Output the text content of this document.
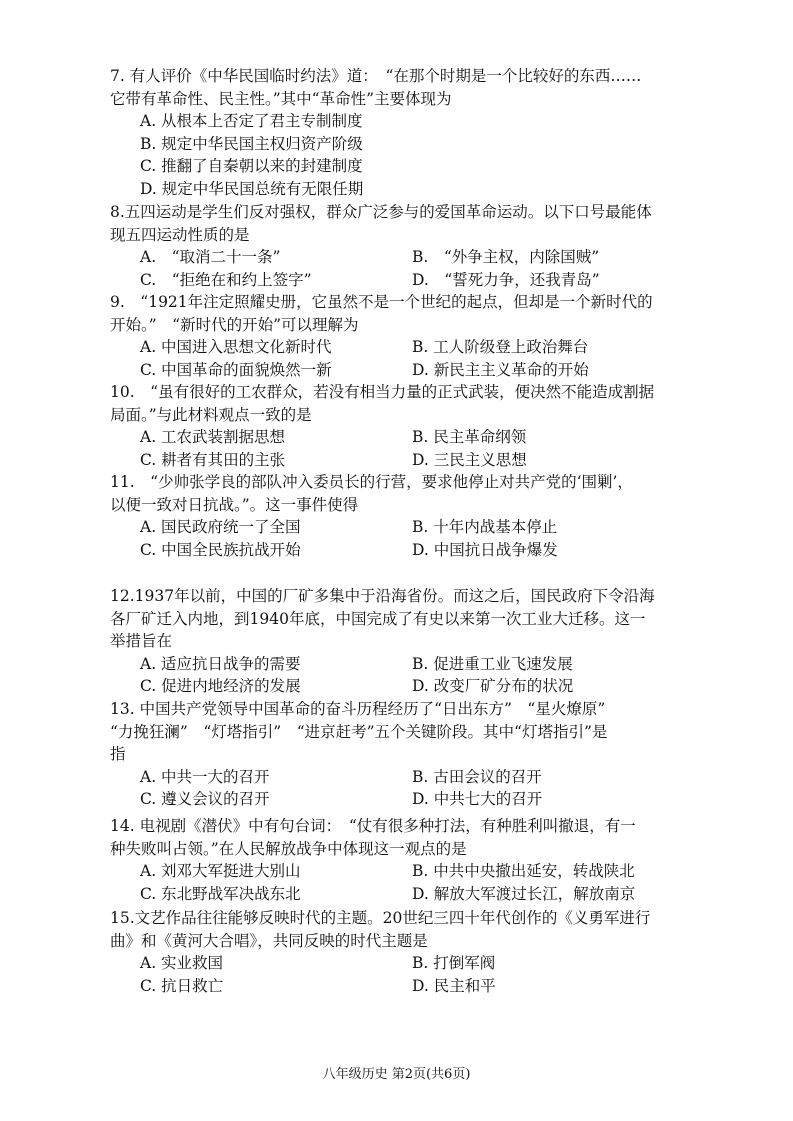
7. 有人评价《中华民国临时约法》道：　“在那个时期是一个比较好的东西……
它带有革命性、民主性。”其中“革命性”主要体现为
A. 从根本上否定了君主专制制度
B. 规定中华民国主权归资产阶级
C. 推翻了自秦朝以来的封建制度
D. 规定中华民国总统有无限任期
8.五四运动是学生们反对强权，群众广泛参与的爱国革命运动。以下口号最能体
现五四运动性质的是
A.　“取消二十一条”	B.　“外争主权，内除国贼”
C.　“拒绝在和约上签字”	D.　“誓死力争，还我青岛”
9.　“1921年注定照耀史册，它虽然不是一个世纪的起点，但却是一个新时代的
开始。”　“新时代的开始”可以理解为
A. 中国进入思想文化新时代	B. 工人阶级登上政治舞台
C. 中国革命的面貌焕然一新	D. 新民主主义革命的开始
10.　“虽有很好的工农群众，若没有相当力量的正式武装，便决然不能造成割据
局面。”与此材料观点一致的是
A. 工农武装割据思想	B. 民主革命纲领
C. 耕者有其田的主张	D. 三民主义思想
11.　“少帅张学良的部队冲入委员长的行营，要求他停止对共产党的‘围剿’，
以便一致对日抗战。”。这一事件使得
A. 国民政府统一了全国	B. 十年内战基本停止
C. 中国全民族抗战开始	D. 中国抗日战争爆发
12.1937年以前，中国的厂矿多集中于沿海省份。而这之后，国民政府下令沿海
各厂矿迁入内地，到1940年底，中国完成了有史以来第一次工业大迁移。这一
举措旨在
A. 适应抗日战争的需要	B. 促进重工业飞速发展
C. 促进内地经济的发展	D. 改变厂矿分布的状况
13. 中国共产党领导中国革命的奋斗历程经历了“日出东方”　“星火燎原”
“力挽狂澜”　“灯塔指引”　“进京赶考”五个关键阶段。其中“灯塔指引”是
指
A. 中共一大的召开	B. 古田会议的召开
C. 遵义会议的召开	D. 中共七大的召开
14. 电视剧《潜伏》中有句台词：　“仗有很多种打法，有种胜利叫撤退，有一
种失败叫占领。”在人民解放战争中体现这一观点的是
A. 刘邓大军挺进大别山	B. 中共中央撤出延安，转战陕北
C. 东北野战军决战东北	D. 解放大军渡过长江，解放南京
15.文艺作品往往能够反映时代的主题。20世纪三四十年代创作的《义勇军进行
曲》和《黄河大合唱》，共同反映的时代主题是
A. 实业救国	B. 打倒军阀
C. 抗日救亡	D. 民主和平
八年级历史 第2页(共6页)
